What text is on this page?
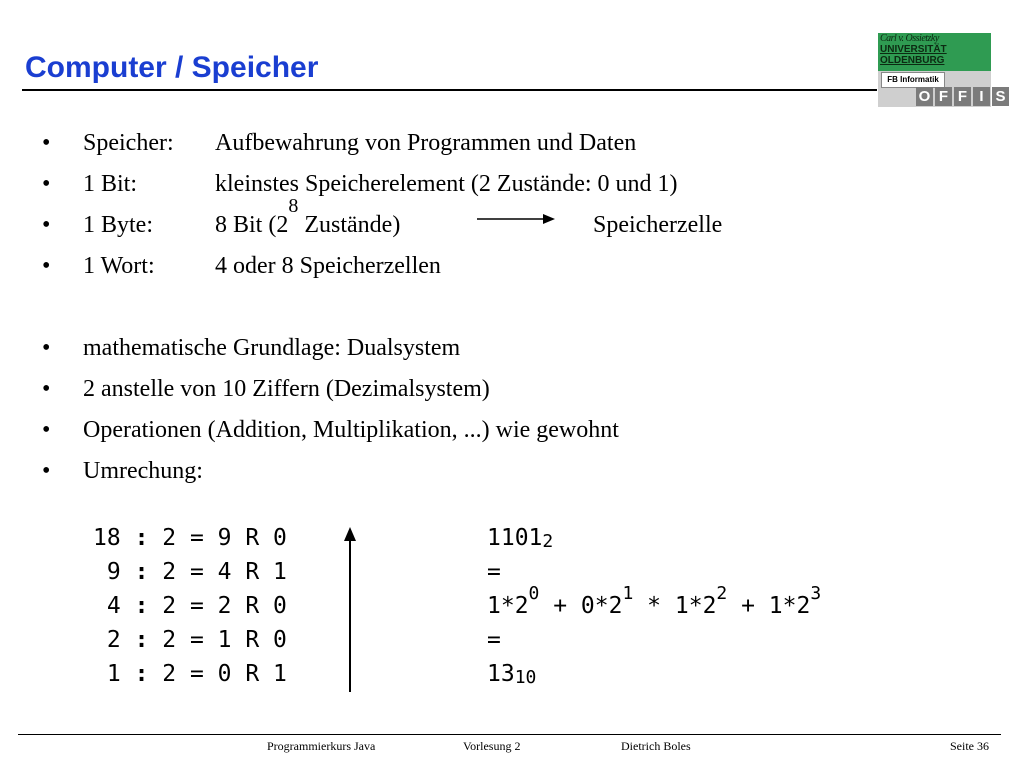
Computer / Speicher
Carl v. Ossietzky
UNIVERSITÄT
OLDENBURG
FB Informatik
O F F I S
• Speicher: Aufbewahrung von Programmen und Daten
• 1 Bit:	kleinstes Speicherelement (2 Zustände: 0 und 1)
• 1 Byte:	8 Bit ($2^8$ Zustände)
• 1 Wort:	4 oder 8 Speicherzellen
• mathematische Grundlage: Dualsystem
• 2 anstelle von 10 Ziffern (Dezimalsystem)
• Operationen (Addition, Multiplikation, ...) wie gewohnt
• Umrechung:
Speicherzelle
18 : 2 = 9 R 0
9 : 2 = 4 R 1
4 : 2 = 2 R 0
2 : 2 = 1 R 0
1 : 2 = 0 R 1
$1101_2$
=
$1*2^0 + 0*2^1 * 1*2^2 + 1*2^3$
=
$13_{10}$
Programmierkurs Java	Vorlesung 2	Dietrich Boles	Seite 36
